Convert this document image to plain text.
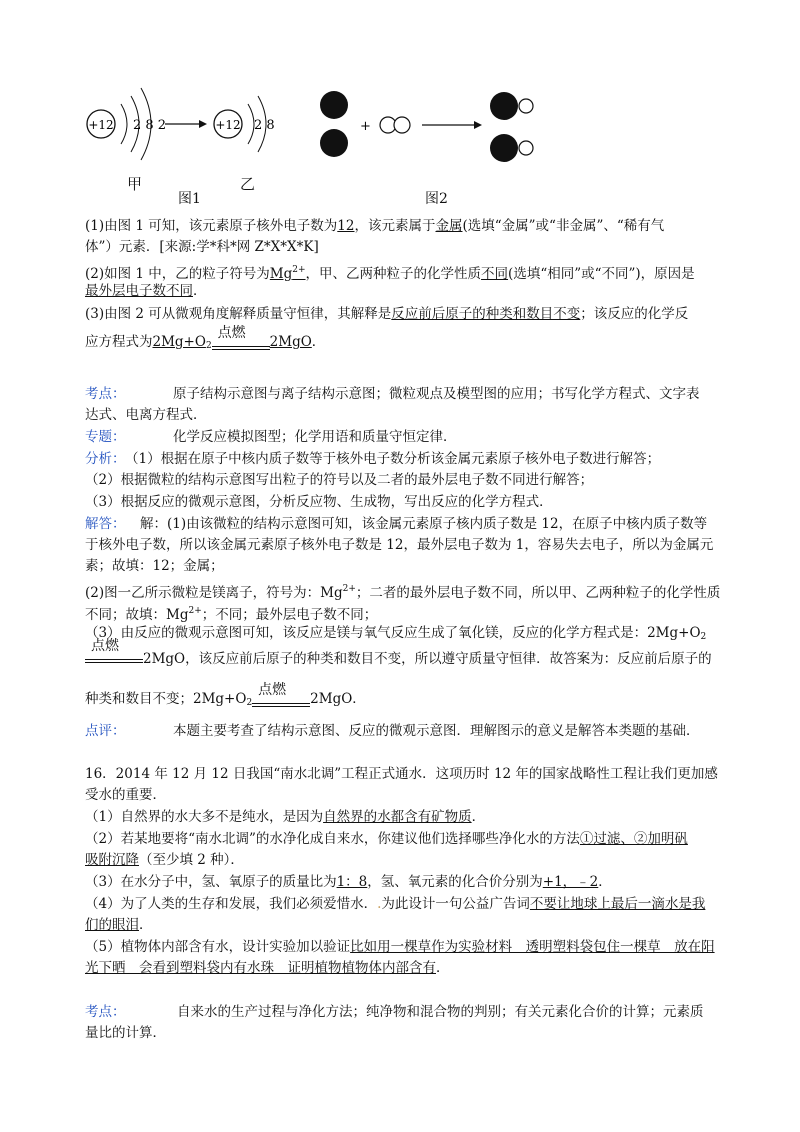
+12 2 8 2	+12 2 8
甲	乙
图1
+
图2
(1)由图 1 可知，该元素原子核外电子数为12，该元素属于金属(选填“金属”或“非金属”、“稀有气
体”）元素．[来源:学*科*网 Z*X*X*K]
(2)如图 1 中，乙的粒子符号为$Mg^{2+}$，甲、乙两种粒子的化学性质不同(选填“相同”或“不同”)，原因是
最外层电子数不同．
(3)由图 2 可从微观角度解释质量守恒律，其解释是反应前后原子的种类和数目不变；该反应的化学反
应方程式为$2Mg+O_2$
点燃
2MgO．
考点：	原子结构示意图与离子结构示意图；微粒观点及模型图的应用；书写化学方程式、文字表
达式、电离方程式．
专题：	化学反应模拟图型；化学用语和质量守恒定律．
分析：（1）根据在原子中核内质子数等于核外电子数分析该金属元素原子核外电子数进行解答；
（2）根据微粒的结构示意图写出粒子的符号以及二者的最外层电子数不同进行解答；
（3）根据反应的微观示意图，分析反应物、生成物，写出反应的化学方程式．
解答： 解：(1)由该微粒的结构示意图可知，该金属元素原子核内质子数是 12，在原子中核内质子数等
于核外电子数，所以该金属元素原子核外电子数是 12，最外层电子数为 1，容易失去电子，所以为金属元
素；故填：12；金属；
(2)图一乙所示微粒是镁离子，符号为：$Mg^{2+}$；二者的最外层电子数不同，所以甲、乙两种粒子的化学性质
不同；故填：$Mg^{2+}$；不同；最外层电子数不同；
（3）由反应的微观示意图可知，该反应是镁与氧气反应生成了氧化镁，反应的化学方程式是：$2Mg+O_2$
点燃
2MgO，该反应前后原子的种类和数目不变，所以遵守质量守恒律．故答案为：反应前后原子的
种类和数目不变；$2Mg+O_2$
点燃
2MgO．
点评：	本题主要考查了结构示意图、反应的微观示意图．理解图示的意义是解答本类题的基础．
16．2014 年 12 月 12 日我国“南水北调”工程正式通水．这项历时 12 年的国家战略性工程让我们更加感
受水的重要．
（1）自然界的水大多不是纯水，是因为自然界的水都含有矿物质．
（2）若某地要将“南水北调”的水净化成自来水，你建议他们选择哪些净化水的方法①过滤、②加明矾
吸附沉降（至少填 2 种）．
（3）在水分子中，氢、氧原子的质量比为1：8，氢、氧元素的化合价分别为+1，﹣2．
（4）为了人类的生存和发展，我们必须爱惜水．.为此设计一句公益广告词不要让地球上最后一滴水是我
们的眼泪．
（5）植物体内部含有水，设计实验加以验证比如用一棵草作为实验材料　透明塑料袋包住一棵草　放在阳
光下晒　会看到塑料袋内有水珠　证明植物植物体内部含有．
考点：	自来水的生产过程与净化方法；纯净物和混合物的判别；有关元素化合价的计算；元素质
量比的计算．
